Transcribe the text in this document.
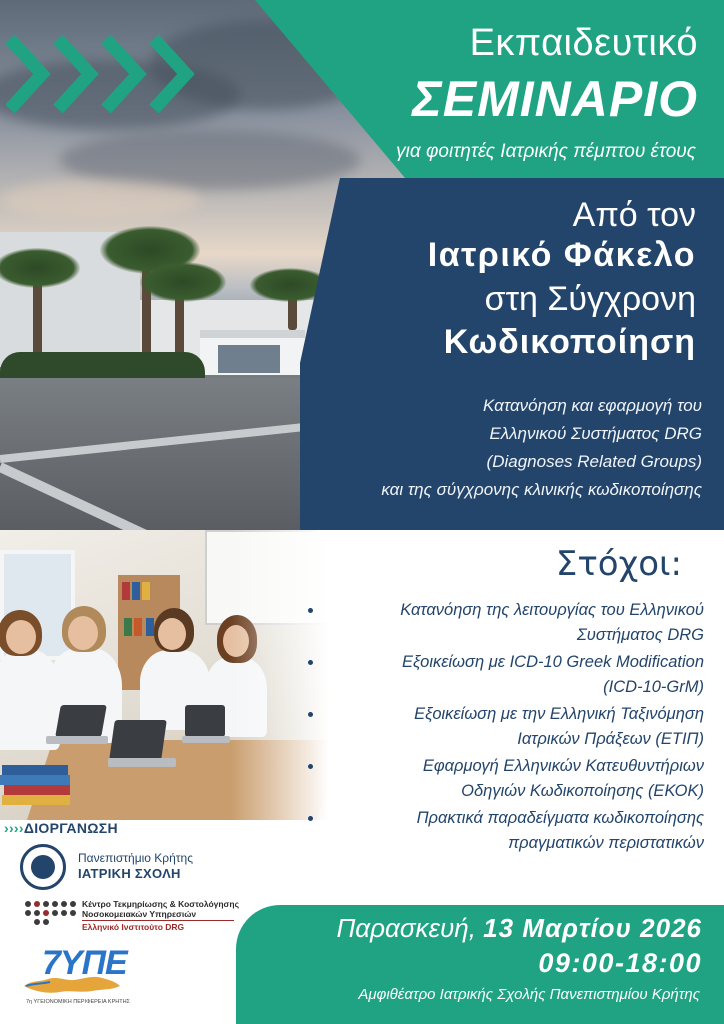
Εκπαιδευτικό
ΣΕΜΙΝΑΡΙΟ
για φοιτητές Ιατρικής πέμπτου έτους
Από τον
Ιατρικό Φάκελο
στη Σύγχρονη
Κωδικοποίηση
Κατανόηση και εφαρμογή του
Ελληνικού Συστήματος DRG
(Diagnoses Related Groups)
και της σύγχρονης κλινικής κωδικοποίησης
Στόχοι:
Κατανόηση της λειτουργίας του Ελληνικού
Συστήματος DRG
Εξοικείωση με ICD-10 Greek Modification
(ICD-10-GrM)
Εξοικείωση με την Ελληνική Ταξινόμηση
Ιατρικών Πράξεων (ΕΤΙΠ)
Εφαρμογή Ελληνικών Κατευθυντήριων
Οδηγιών Κωδικοποίησης (ΕΚΟΚ)
Πρακτικά παραδείγματα κωδικοποίησης
πραγματικών περιστατικών
››››ΔΙΟΡΓΑΝΩΣΗ
Πανεπιστήμιο Κρήτης
ΙΑΤΡΙΚΗ ΣΧΟΛΗ
Κέντρο Τεκμηρίωσης & Κοστολόγησης
Νοσοκομειακών Υπηρεσιών
Ελληνικό Ινστιτούτο DRG
7ΥΠΕ
7η ΥΓΕΙΟΝΟΜΙΚΗ ΠΕΡΙΦΕΡΕΙΑ ΚΡΗΤΗΣ
Παρασκευή, 13 Μαρτίου 2026
09:00-18:00
Αμφιθέατρο Ιατρικής Σχολής Πανεπιστημίου Κρήτης
